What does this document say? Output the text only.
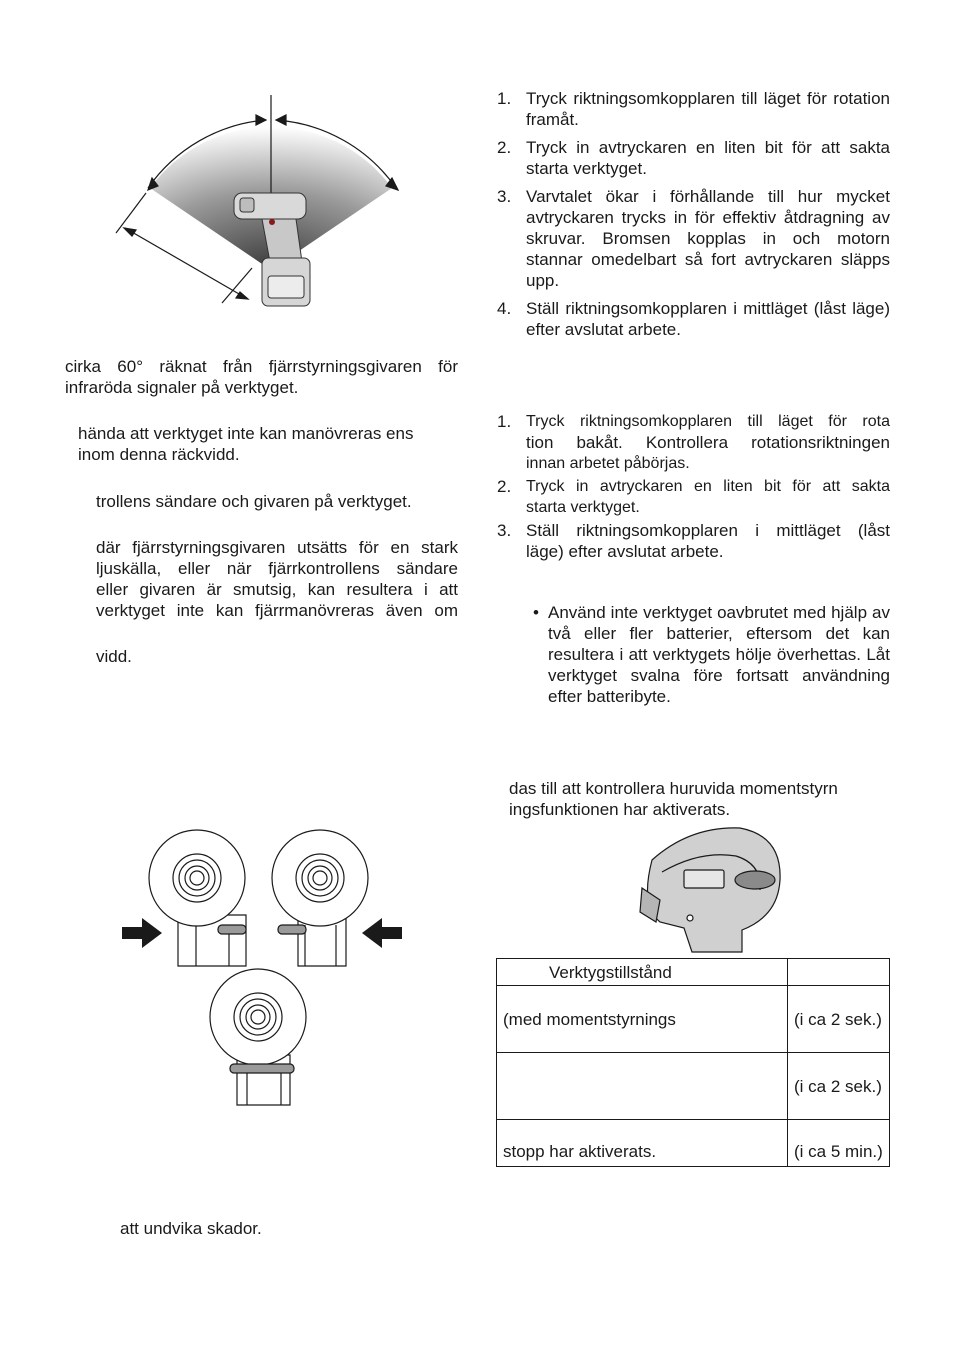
cirka 60° räknat från fjärrstyrningsgivaren för infraröda signaler på verktyget.
hända att verktyget inte kan manövreras ens
inom denna räckvidd.
trollens sändare och givaren på verktyget.
där fjärrstyrningsgivaren utsätts för en stark
ljuskälla, eller när fjärrkontrollens sändare
eller givaren är smutsig, kan resultera i att
verktyget inte kan fjärrmanövreras även om
vidd.
1. Tryck riktningsomkopplaren till läget för rotation framåt.
2. Tryck in avtryckaren en liten bit för att sakta starta verktyget.
3. Varvtalet ökar i förhållande till hur mycket avtryckaren trycks in för effektiv åtdragning av skruvar. Bromsen kopplas in och motorn stannar omedelbart så fort avtryckaren släpps upp.
4. Ställ riktningsomkopplaren i mittläget (låst läge) efter avslutat arbete.
1. Tryck riktningsomkopplaren till läget för rota
tion bakåt. Kontrollera rotationsriktningen
innan arbetet påbörjas.
2. Tryck in avtryckaren en liten bit för att sakta
starta verktyget.
3. Ställ riktningsomkopplaren i mittläget (låst
läge) efter avslutat arbete.
• Använd inte verktyget oavbrutet med hjälp av två eller fler batterier, eftersom det kan resultera i att verktygets hölje överhettas. Låt verktyget svalna före fortsatt användning efter batteribyte.
das till att kontrollera huruvida momentstyrn
ingsfunktionen har aktiverats.
Verktygstillstånd	
(med momentstyrnings	(i ca 2 sek.)
	(i ca 2 sek.)
stopp har aktiverats.	(i ca 5 min.)
att undvika skador.
